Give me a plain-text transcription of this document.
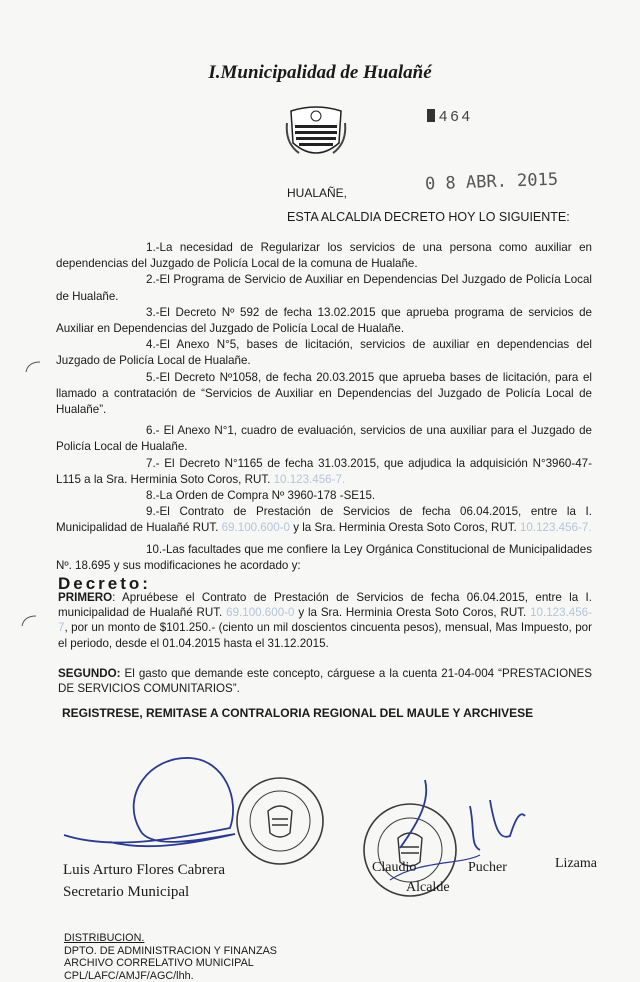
I.Municipalidad de Hualañé
464
HUALAÑE,	0 8 ABR. 2015
ESTA ALCALDIA DECRETO HOY LO SIGUIENTE:

1.-La necesidad de Regularizar los servicios de una persona como auxiliar en dependencias del Juzgado de Policía Local de la comuna de Hualañe.

2.-El Programa de Servicio de Auxiliar en Dependencias Del Juzgado de Policía Local de Hualañe.

3.-El Decreto Nº 592 de fecha 13.02.2015 que aprueba programa de servicios de Auxiliar en Dependencias del Juzgado de Policía Local de Hualañe.

4.-El Anexo N°5, bases de licitación, servicios de auxiliar en dependencias del Juzgado de Policía Local de Hualañe.

5.-El Decreto Nº1058, de fecha 20.03.2015 que aprueba bases de licitación, para el llamado a contratación de “Servicios de Auxiliar en Dependencias del Juzgado de Policía Local de Hualañe”.

6.- El Anexo N°1, cuadro de evaluación, servicios de una auxiliar para el Juzgado de Policía Local de Hualañe.

7.- El Decreto N°1165 de fecha 31.03.2015, que adjudica la adquisición N°3960-47-L115 a la Sra. Herminia Soto Coros, RUT. 10.123.456-7.

8.-La Orden de Compra Nº 3960-178 -SE15.

9.-El Contrato de Prestación de Servicios de fecha 06.04.2015, entre la I. Municipalidad de Hualañé RUT. 69.100.600-0 y la Sra. Herminia Oresta Soto Coros, RUT. 10.123.456-7.

10.-Las facultades que me confiere la Ley Orgánica Constitucional de Municipalidades Nº. 18.695 y sus modificaciones he acordado y:

Decreto:

PRIMERO: Apruébese el Contrato de Prestación de Servicios de fecha 06.04.2015, entre la I. municipalidad de Hualañé RUT. 69.100.600-0 y la Sra. Herminia Oresta Soto Coros, RUT. 10.123.456-7, por un monto de $101.250.- (ciento un mil doscientos cincuenta pesos), mensual, Mas Impuesto, por el periodo, desde el 01.04.2015 hasta el 31.12.2015.

SEGUNDO: El gasto que demande este concepto, cárguese a la cuenta 21-04-004 “PRESTACIONES DE SERVICIOS COMUNITARIOS”.

REGISTRESE, REMITASE A CONTRALORIA REGIONAL DEL MAULE Y ARCHIVESE
Luis Arturo Flores Cabrera
Secretario Municipal
Claudio	Pucher	Lizama
Alcalde
DISTRIBUCION.
DPTO. DE ADMINISTRACION Y FINANZAS
ARCHIVO CORRELATIVO MUNICIPAL
CPL/LAFC/AMJF/AGC/lhh.
